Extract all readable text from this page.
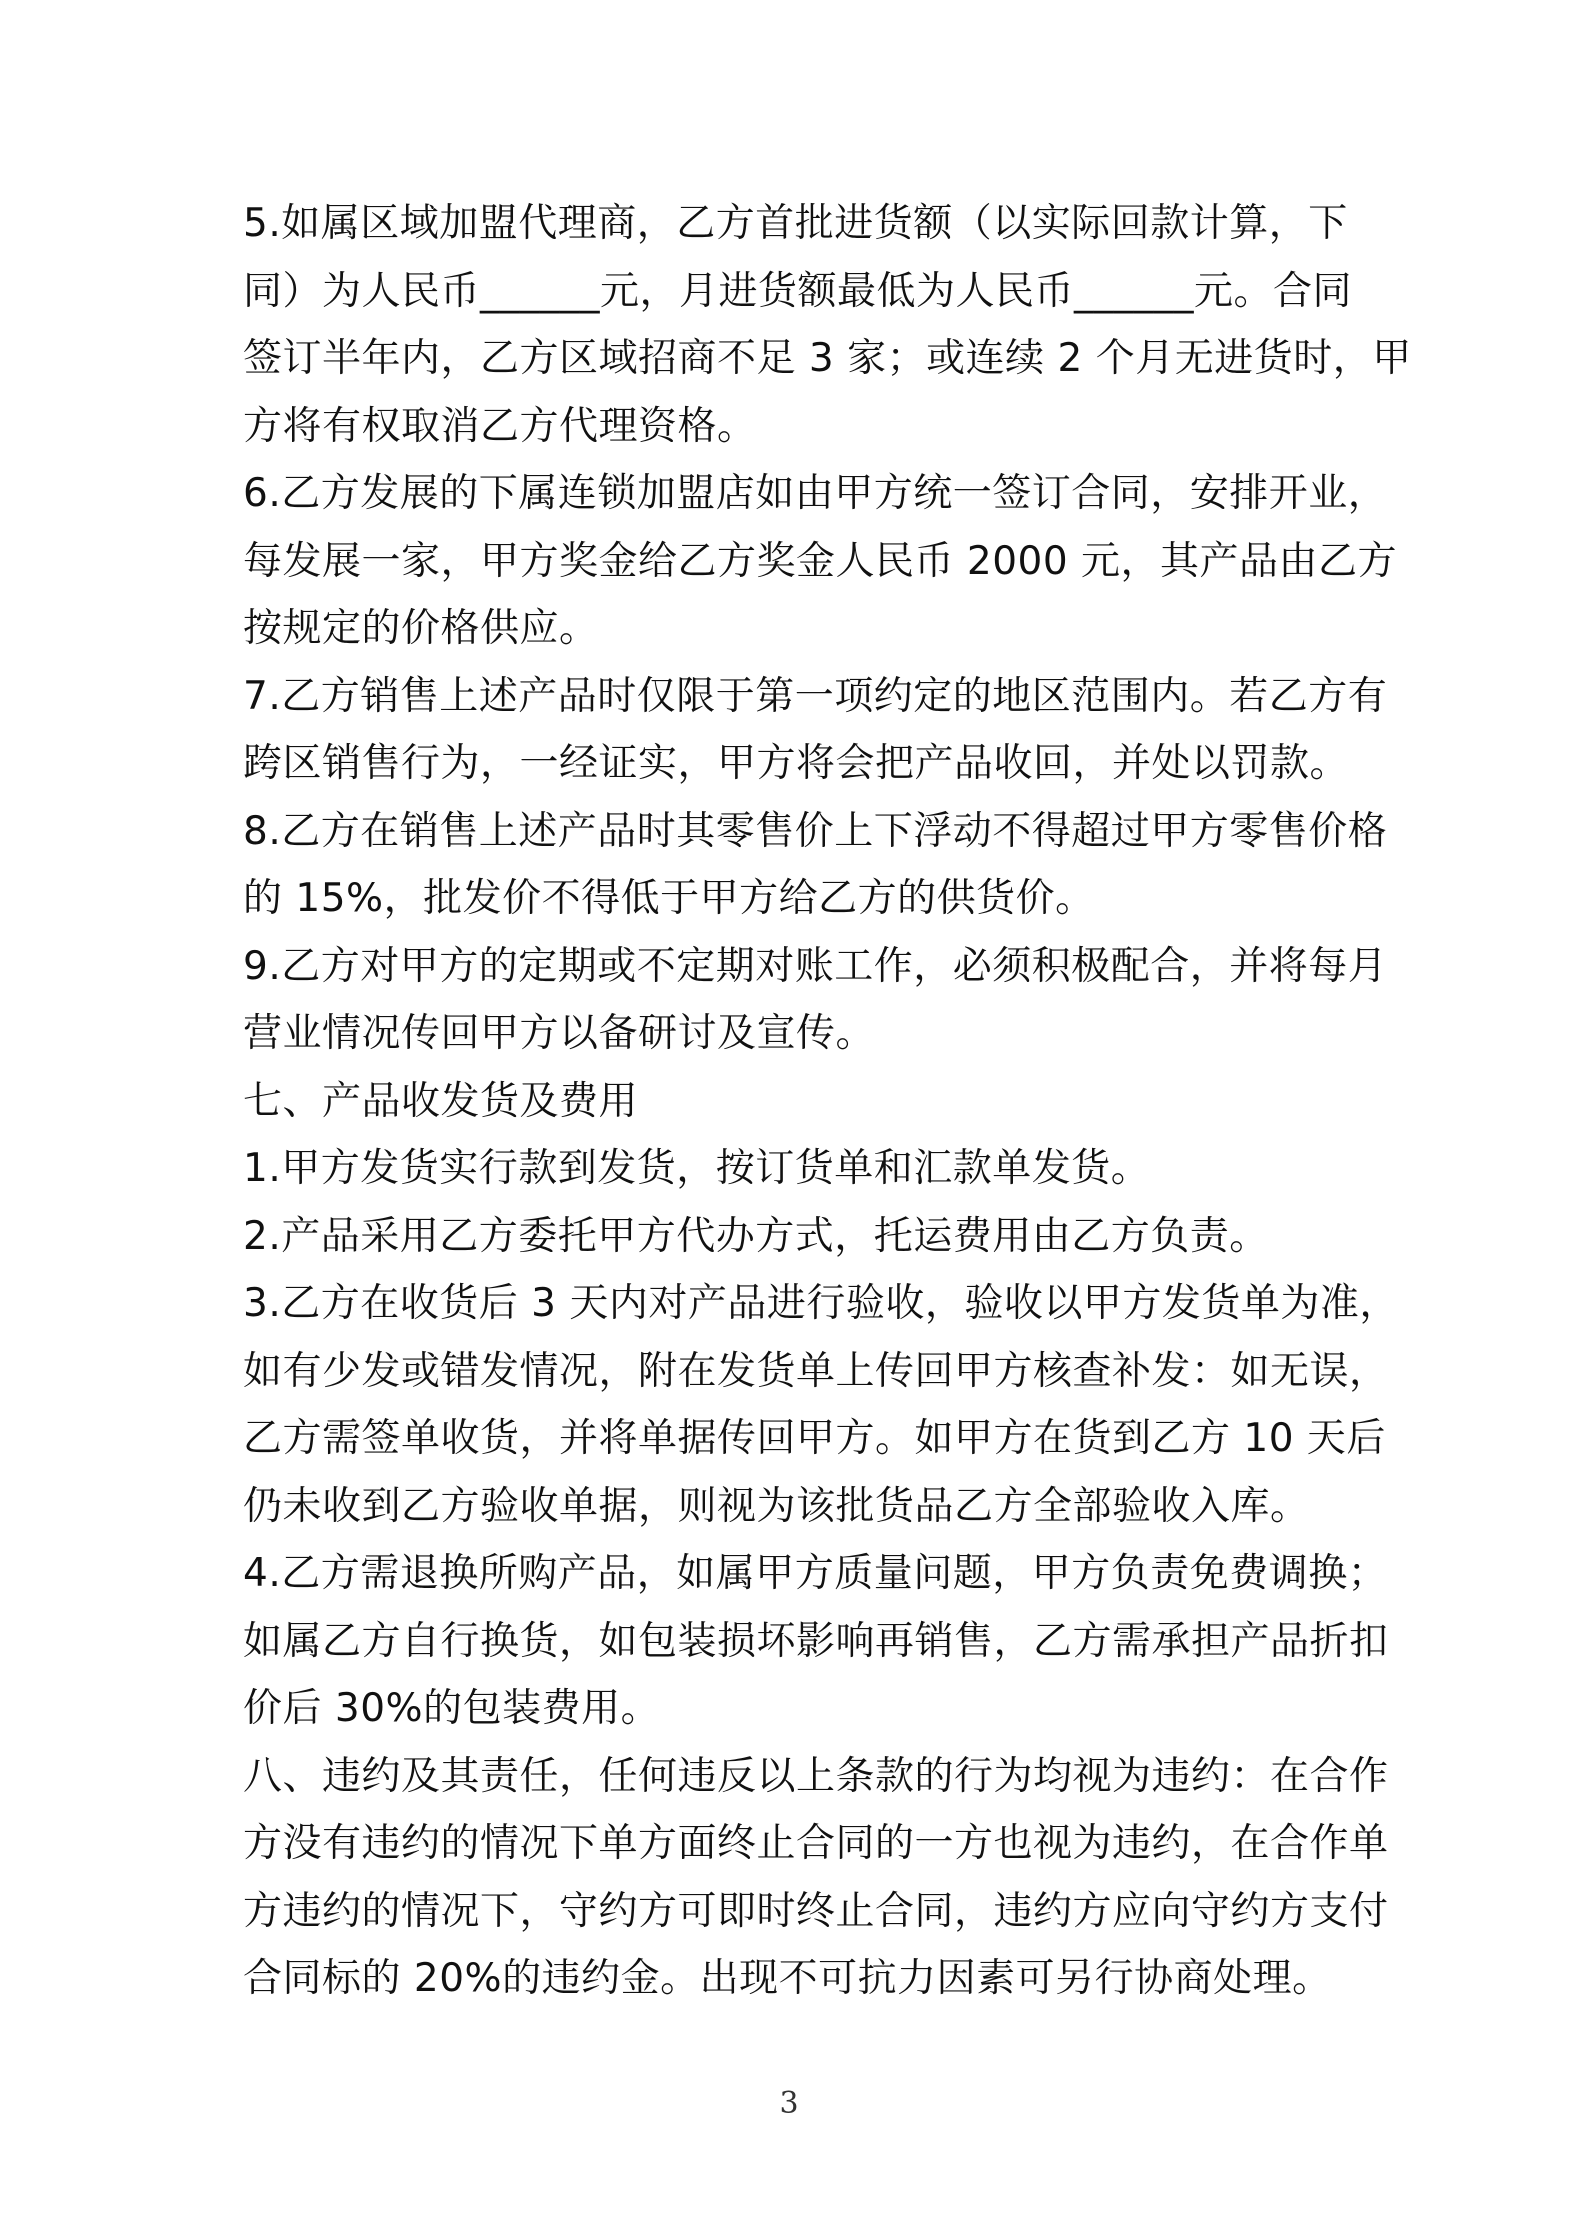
5.如属区域加盟代理商，乙方首批进货额（以实际回款计算，下
同）为人民币______元，月进货额最低为人民币______元。合同
签订半年内，乙方区域招商不足 3 家；或连续 2 个月无进货时，甲
方将有权取消乙方代理资格。
6.乙方发展的下属连锁加盟店如由甲方统一签订合同，安排开业，
每发展一家，甲方奖金给乙方奖金人民币 2000 元，其产品由乙方
按规定的价格供应。
7.乙方销售上述产品时仅限于第一项约定的地区范围内。若乙方有
跨区销售行为，一经证实，甲方将会把产品收回，并处以罚款。
8.乙方在销售上述产品时其零售价上下浮动不得超过甲方零售价格
的 15%，批发价不得低于甲方给乙方的供货价。
9.乙方对甲方的定期或不定期对账工作，必须积极配合，并将每月
营业情况传回甲方以备研讨及宣传。
七、产品收发货及费用
1.甲方发货实行款到发货，按订货单和汇款单发货。
2.产品采用乙方委托甲方代办方式，托运费用由乙方负责。
3.乙方在收货后 3 天内对产品进行验收，验收以甲方发货单为准，
如有少发或错发情况，附在发货单上传回甲方核查补发：如无误，
乙方需签单收货，并将单据传回甲方。如甲方在货到乙方 10 天后
仍未收到乙方验收单据，则视为该批货品乙方全部验收入库。
4.乙方需退换所购产品，如属甲方质量问题，甲方负责免费调换；
如属乙方自行换货，如包装损坏影响再销售，乙方需承担产品折扣
价后 30%的包装费用。
八、违约及其责任，任何违反以上条款的行为均视为违约：在合作
方没有违约的情况下单方面终止合同的一方也视为违约，在合作单
方违约的情况下，守约方可即时终止合同，违约方应向守约方支付
合同标的 20%的违约金。出现不可抗力因素可另行协商处理。
3
